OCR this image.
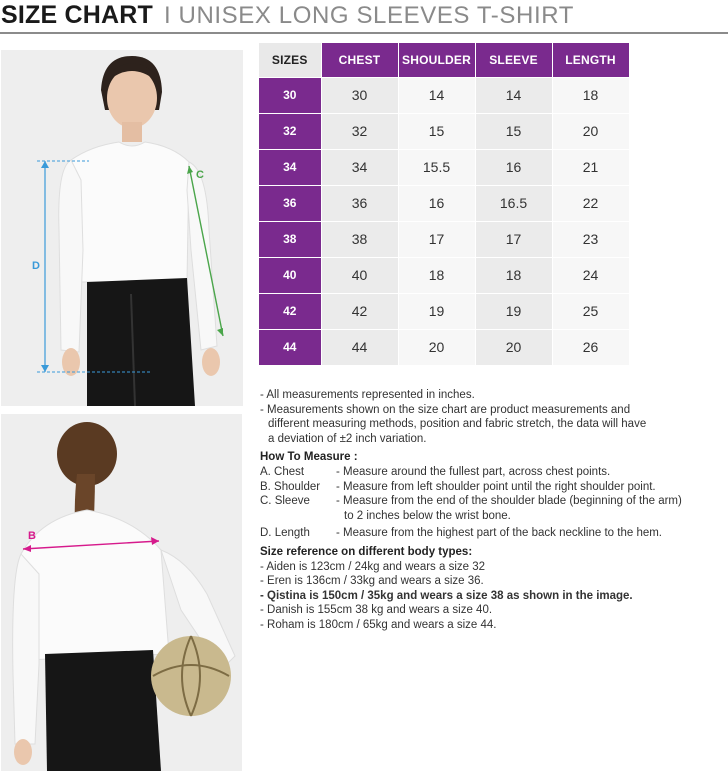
SIZE CHART I UNISEX LONG SLEEVES T-SHIRT
D
C
B
SIZES	CHEST	SHOULDER	SLEEVE	LENGTH
30	30	14	14	18
32	32	15	15	20
34	34	15.5	16	21
36	36	16	16.5	22
38	38	17	17	23
40	40	18	18	24
42	42	19	19	25
44	44	20	20	26

- All measurements represented in inches.

- Measurements shown on the size chart are product measurements and

different measuring methods, position and fabric stretch, the data will have

a deviation of ±2 inch variation.

How To Measure :

A. Chest	- Measure around the fullest part, across chest points.
B. Shoulder	- Measure from left shoulder point until the right shoulder point.
C. Sleeve	- Measure from the end of the shoulder blade (beginning of the arm)
to 2 inches below the wrist bone.
D. Length	- Measure from the highest part of the back neckline to the hem.

Size reference on different body types:

- Aiden is 123cm / 24kg and wears a size 32

- Eren is 136cm / 33kg and wears a size 36.

- Qistina is 150cm / 35kg and wears a size 38 as shown in the image.

- Danish is 155cm 38 kg and wears a size 40.

- Roham is 180cm / 65kg and wears a size 44.
